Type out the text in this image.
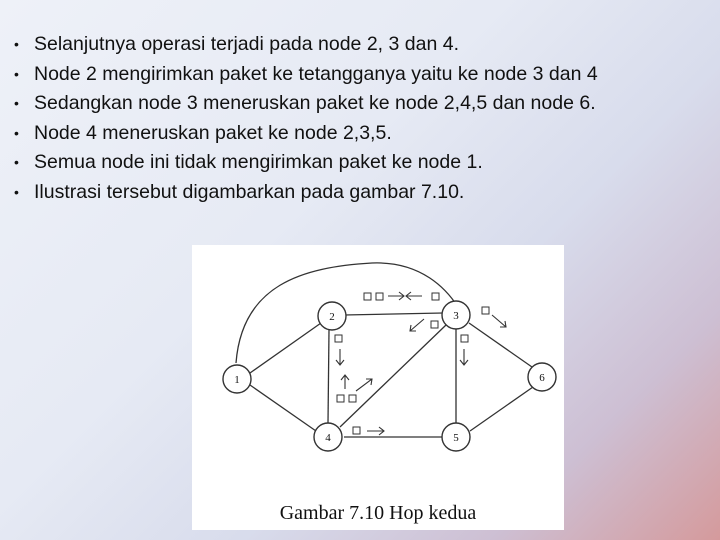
• Selanjutnya operasi terjadi pada node 2, 3 dan 4.
• Node 2 mengirimkan paket ke tetangganya yaitu ke node 3 dan 4
• Sedangkan node 3 meneruskan paket ke node 2,4,5 dan node 6.
• Node 4 meneruskan paket ke node 2,3,5.
• Semua node ini tidak mengirimkan paket ke node 1.
• Ilustrasi tersebut digambarkan pada gambar 7.10.
1
2	3
4	5
6
Gambar 7.10 Hop kedua
